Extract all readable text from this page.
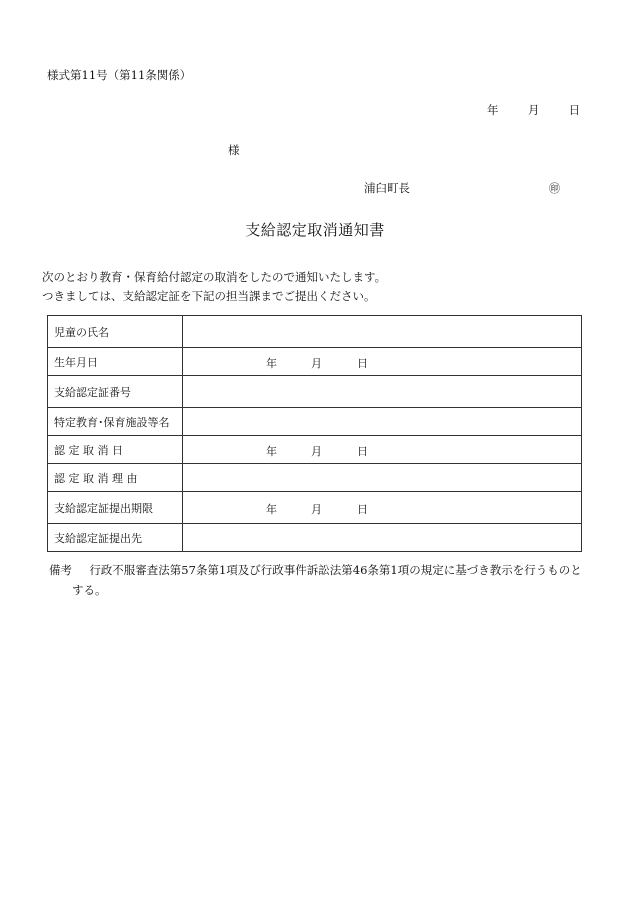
様式第11号（第11条関係）
年	月	日
様
浦臼町長	㊞
支給認定取消通知書
次のとおり教育・保育給付認定の取消をしたので通知いたします。
つきましては、支給認定証を下記の担当課までご提出ください。
児童の氏名	
生年月日	年 月 日

支給認定証番号	
特定教育･保育施設等名	
認 定 取 消 日	年 月 日

認 定 取 消 理 由	
支給認定証提出期限	年 月 日

支給認定証提出先	
備考 行政不服審査法第57条第1項及び行政事件訴訟法第46条第1項の規定に基づき教示を行うものと
する。
